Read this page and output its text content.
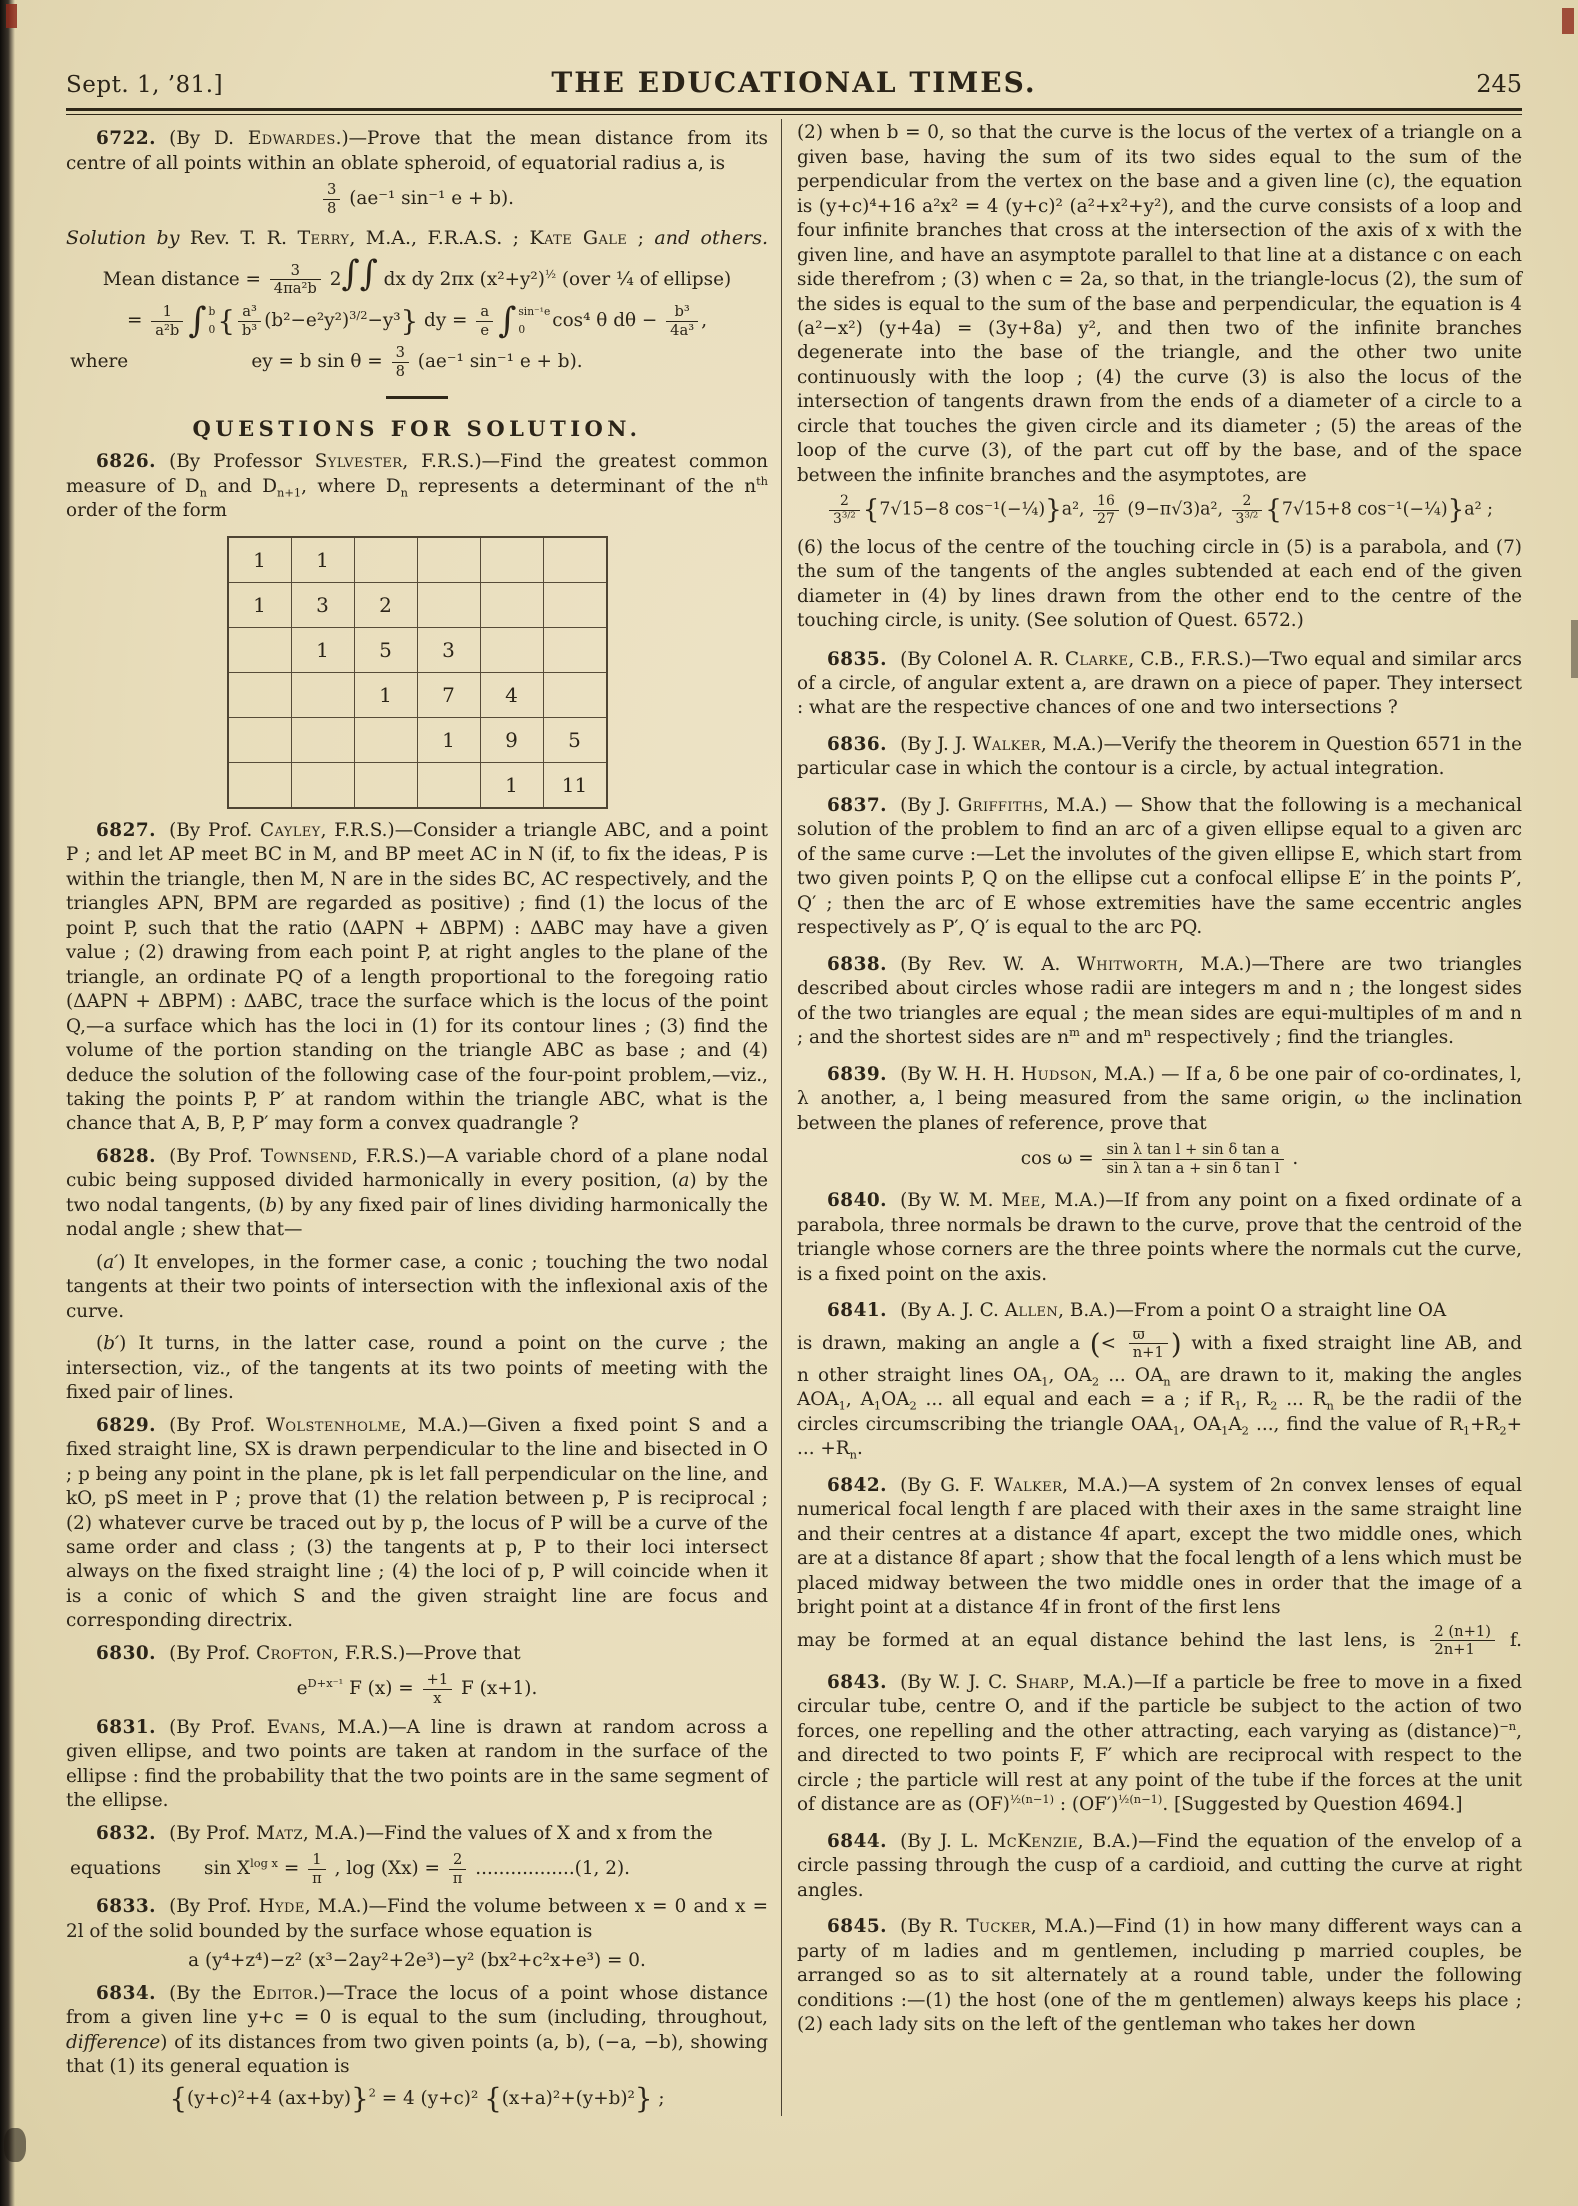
Sept. 1, ’81.]	THE EDUCATIONAL TIMES.	245

6722. (By D. Edwardes.)—Prove that the mean distance from its centre of all points within an oblate spheroid, of equatorial radius a, is

$\frac{3}{8} (ae^{-1}$ sin⁻¹ e + b).

Solution by Rev. T. R. Terry, M.A., F.R.A.S. ; Kate Gale ; and others.

Mean distance = $\frac{3}{\text{4πa²b}} 2\int\int$ dx dy 2πx $(x^2+y^2)^{\frac{1}{2}}$ (over ¼ of ellipse)
= $\frac{1}{\text{a²b}}$ ∫ b
0 { $\frac{\text{a³}}{\text{b³}} (b^2-e^2y^2)^{3/2}-y^3$} dy = $\frac{a}{e}$ ∫ sin⁻¹e
0	cos⁴ θ $d\theta - \frac{\text{b³}}{\text{4a³}}$ ,
where	ey = b $\sin \theta = \frac{3}{8} (ae^{-1}$ sin⁻¹ e + b).

QUESTIONS FOR SOLUTION.

6826. (By Professor Sylvester, F.R.S.)—Find the greatest common measure of $D_n$ and $D_{n+1}$, where $D_n$ represents a determinant of the $n^{th}$ order of the form

1	1				
1	3	2			
	1	5	3		
		1	7	4	
			1	9	5
				1	11

6827. (By Prof. Cayley, F.R.S.)—Consider a triangle ABC, and a point P ; and let AP meet BC in M, and BP meet AC in N (if, to fix the ideas, P is within the triangle, then M, N are in the sides BC, AC respectively, and the triangles APN, BPM are regarded as positive) ; find (1) the locus of the point P, such that the ratio (ΔAPN + ΔBPM) : ΔABC may have a given value ; (2) drawing from each point P, at right angles to the plane of the triangle, an ordinate PQ of a length proportional to the foregoing ratio (ΔAPN + ΔBPM) : ΔABC, trace the surface which is the locus of the point Q,—a surface which has the loci in (1) for its contour lines ; (3) find the volume of the portion standing on the triangle ABC as base ; and (4) deduce the solution of the following case of the four-point problem,—viz., taking the points P, P′ at random within the triangle ABC, what is the chance that A, B, P, P′ may form a convex quadrangle ?

6828. (By Prof. Townsend, F.R.S.)—A variable chord of a plane nodal cubic being supposed divided harmonically in every position, (a) by the two nodal tangents, (b) by any fixed pair of lines dividing harmonically the nodal angle ; shew that—

(a′) It envelopes, in the former case, a conic ; touching the two nodal tangents at their two points of intersection with the inflexional axis of the curve.

(b′) It turns, in the latter case, round a point on the curve ; the intersection, viz., of the tangents at its two points of meeting with the fixed pair of lines.

6829. (By Prof. Wolstenholme, M.A.)—Given a fixed point S and a fixed straight line, SX is drawn perpendicular to the line and bisected in O ; p being any point in the plane, pk is let fall perpendicular on the line, and kO, pS meet in P ; prove that (1) the relation between p, P is reciprocal ; (2) whatever curve be traced out by p, the locus of P will be a curve of the same order and class ; (3) the tangents at p, P to their loci intersect always on the fixed straight line ; (4) the loci of p, P will coincide when it is a conic of which S and the given straight line are focus and corresponding directrix.

6830. (By Prof. Crofton, F.R.S.)—Prove that

$e^{D+x^{-1}}$ F $(x) = \frac{+1}{x}$ F (x+1).

6831. (By Prof. Evans, M.A.)—A line is drawn at random across a given ellipse, and two points are taken at random in the surface of the ellipse : find the probability that the two points are in the same segment of the ellipse.

6832. (By Prof. Matz, M.A.)—Find the values of X and x from the

equations	$\sin X^{log x} = \frac{1}{\pi}$ , $\log (Xx) = \frac{2}{\pi} .................(1$, 2).

6833. (By Prof. Hyde, M.A.)—Find the volume between x = 0 and x = 2l of the solid bounded by the surface whose equation is

a (y⁴+z⁴)−z² (x³−2ay²+2e³)−y² (bx²+c²x+e³) = 0.

6834. (By the Editor.)—Trace the locus of a point whose distance from a given line y+c = 0 is equal to the sum (including, throughout, difference) of its distances from two given points (a, b), (−a, −b), showing that (1) its general equation is

{(y+c)²+4 (ax+by)}$^2$ = 4 (y+c)² {(x+a)²+(y+b)²} ;

(2) when b = 0, so that the curve is the locus of the vertex of a triangle on a given base, having the sum of its two sides equal to the sum of the perpendicular from the vertex on the base and a given line (c), the equation is (y+c)⁴+16 a²x² = 4 (y+c)² (a²+x²+y²), and the curve consists of a loop and four infinite branches that cross at the intersection of the axis of x with the given line, and have an asymptote parallel to that line at a distance c on each side therefrom ; (3) when c = 2a, so that, in the triangle-locus (2), the sum of the sides is equal to the sum of the base and perpendicular, the equation is 4 (a²−x²) (y+4a) = (3y+8a) y², and then two of the infinite branches degenerate into the base of the triangle, and the other two unite continuously with the loop ; (4) the curve (3) is also the locus of the intersection of tangents drawn from the ends of a diameter of a circle to a circle that touches the given circle and its diameter ; (5) the areas of the loop of the curve (3), of the part cut off by the base, and of the space between the infinite branches and the asymptotes, are

$\frac{2}{3^{3/2}} \{7√15-8$ cos⁻¹(−¼)}a², $\frac{16}{27} (9-\pi√3)a^2$, $\frac{2}{3^{3/2}} \{7√15+8$ cos⁻¹(−¼)}a² ;

(6) the locus of the centre of the touching circle in (5) is a parabola, and (7) the sum of the tangents of the angles subtended at each end of the given diameter in (4) by lines drawn from the other end to the centre of the touching circle, is unity. (See solution of Quest. 6572.)

6835. (By Colonel A. R. Clarke, C.B., F.R.S.)—Two equal and similar arcs of a circle, of angular extent a, are drawn on a piece of paper. They intersect : what are the respective chances of one and two intersections ?

6836. (By J. J. Walker, M.A.)—Verify the theorem in Question 6571 in the particular case in which the contour is a circle, by actual integration.

6837. (By J. Griffiths, M.A.) — Show that the following is a mechanical solution of the problem to find an arc of a given ellipse equal to a given arc of the same curve :—Let the involutes of the given ellipse E, which start from two given points P, Q on the ellipse cut a confocal ellipse E′ in the points P′, Q′ ; then the arc of E whose extremities have the same eccentric angles respectively as P′, Q′ is equal to the arc PQ.

6838. (By Rev. W. A. Whitworth, M.A.)—There are two triangles described about circles whose radii are integers m and n ; the longest sides of the two triangles are equal ; the mean sides are equi-multiples of m and n ; and the shortest sides are $n^m$ and $m^n$ respectively ; find the triangles.

6839. (By W. H. H. Hudson, M.A.) — If a, δ be one pair of co-ordinates, l, λ another, a, l being measured from the same origin, ω the inclination between the planes of reference, prove that

$\cos \omega = \frac{\text{sin λ tan l + sin δ tan a}}{\text{sin λ tan a + sin δ tan l}}$ .

6840. (By W. M. Mee, M.A.)—If from any point on a fixed ordinate of a parabola, three normals be drawn to the curve, prove that the centroid of the triangle whose corners are the three points where the normals cut the curve, is a fixed point on the axis.

6841. (By A. J. C. Allen, B.A.)—From a point O a straight line OA

is drawn, making an angle a (< $\frac{ϖ}{n+1}$ ) with a fixed straight line AB, and

n other straight lines $OA_1$, $OA_2$ ... $OA_n$ are drawn to it, making the angles $AOA_1$, $A_1OA_2$ ... all equal and each = a ; if $R_1$, $R_2$ ... $R_n$ be the radii of the circles circumscribing the triangle $OAA_1$, $OA_1A_2$ ..., find the value of $R_1+R_2+$ ... $+R_n$.

6842. (By G. F. Walker, M.A.)—A system of 2n convex lenses of equal numerical focal length f are placed with their axes in the same straight line and their centres at a distance 4f apart, except the two middle ones, which are at a distance 8f apart ; show that the focal length of a lens which must be placed midway between the two middle ones in order that the image of a bright point at a distance 4f in front of the first lens

may be formed at an equal distance behind the last lens, is $\frac{2 (n+1)}{2n+1} f$.

6843. (By W. J. C. Sharp, M.A.)—If a particle be free to move in a fixed circular tube, centre O, and if the particle be subject to the action of two forces, one repelling and the other attracting, each varying as (distance)$^{-n}$, and directed to two points F, F′ which are reciprocal with respect to the circle ; the particle will rest at any point of the tube if the forces at the unit of distance are as (OF)$^{\frac{1}{2}(n-1)}$ : $(OF')^{\frac{1}{2}(n-1)}$. [Suggested by Question 4694.]

6844. (By J. L. McKenzie, B.A.)—Find the equation of the envelop of a circle passing through the cusp of a cardioid, and cutting the curve at right angles.

6845. (By R. Tucker, M.A.)—Find (1) in how many different ways can a party of m ladies and m gentlemen, including p married couples, be arranged so as to sit alternately at a round table, under the following conditions :—(1) the host (one of the m gentlemen) always keeps his place ; (2) each lady sits on the left of the gentleman who takes her down
